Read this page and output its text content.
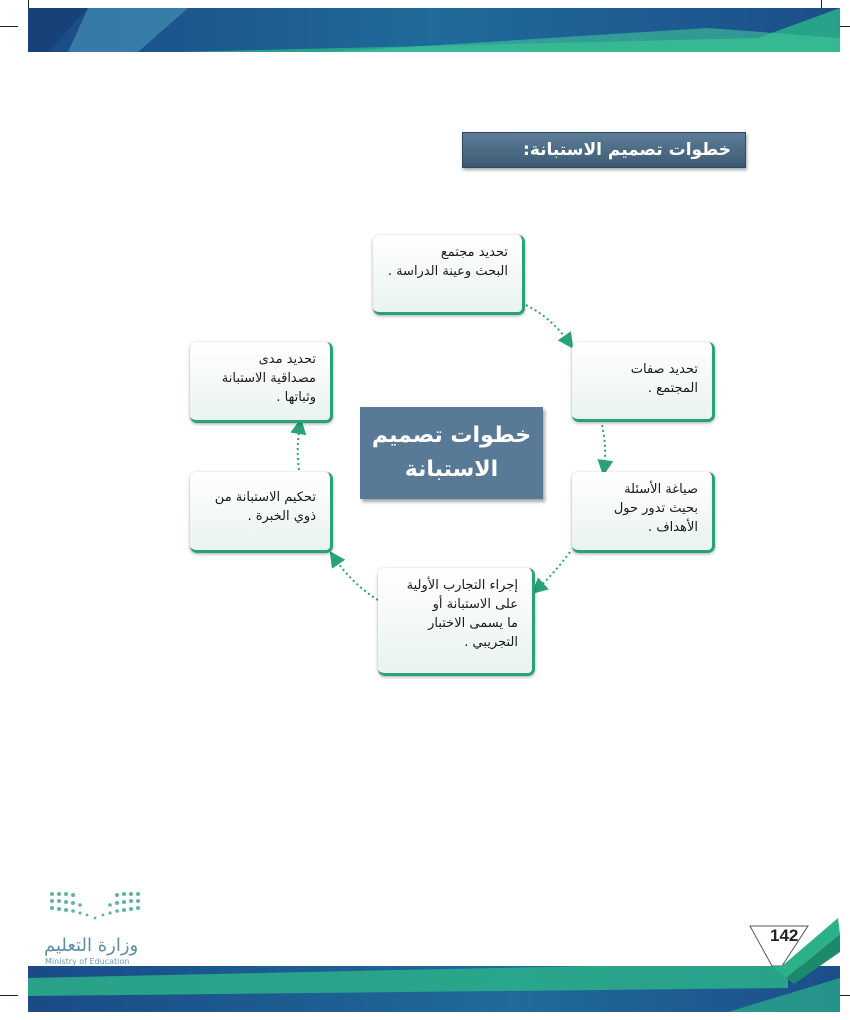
خطوات تصميم الاستبانة:
تحديد مجتمع
البحث وعينة الدراسة .
تحديد صفات
المجتمع .
صياغة الأسئلة
بحيث تدور حول
الأهداف .
إجراء التجارب الأولية
على الاستبانة أو
ما يسمى الاختبار
التجريبي .
تحكيم الاستبانة من
ذوي الخبرة .
تحديد مدى
مصداقية الاستبانة
وثباتها .
خطوات تصميم
الاستبانة
وزارة التعليم
Ministry of Education
142
